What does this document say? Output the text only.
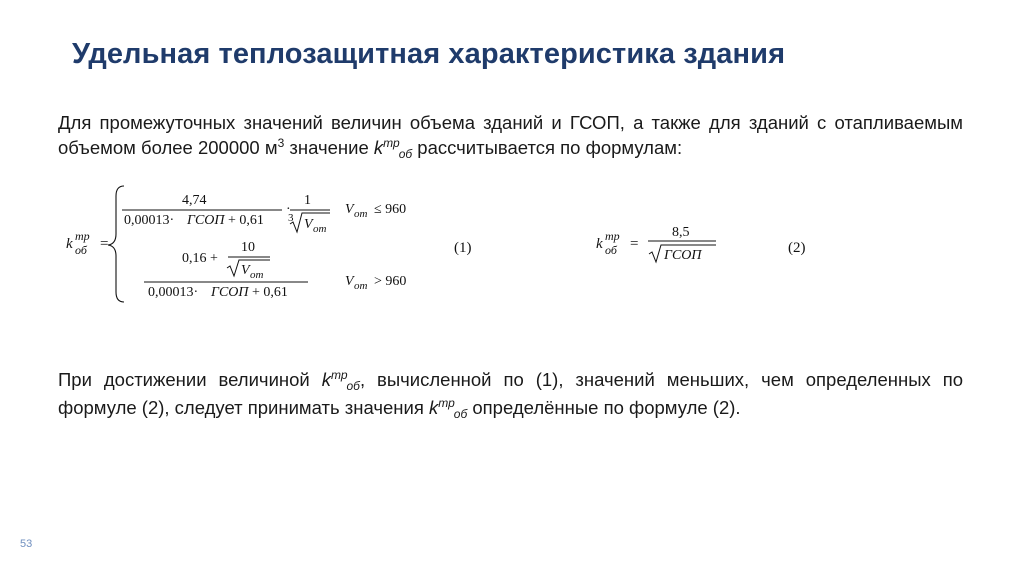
Удельная теплозащитная характеристика здания
Для промежуточных значений величин объема зданий и ГСОП, а также для зданий с отапливаемым объемом более 200000 $м^3$ значение $k^{тр}_{об}$ рассчитывается по формулам:
k тр
об =
4,74
0,00013· ГСОП + 0,61
·
1
3 V от
V от ≤ 960
0,16 +
10
V от
0,00013· ГСОП + 0,61
V от > 960
(1)	k тр
об =
8,5
ГСОП	(2)
При достижении величиной $k^{тр}_{об}$, вычисленной по (1), значений меньших, чем определенных по формуле (2), следует принимать значения $k^{тр}_{об}$ определённые по формуле (2).
53
